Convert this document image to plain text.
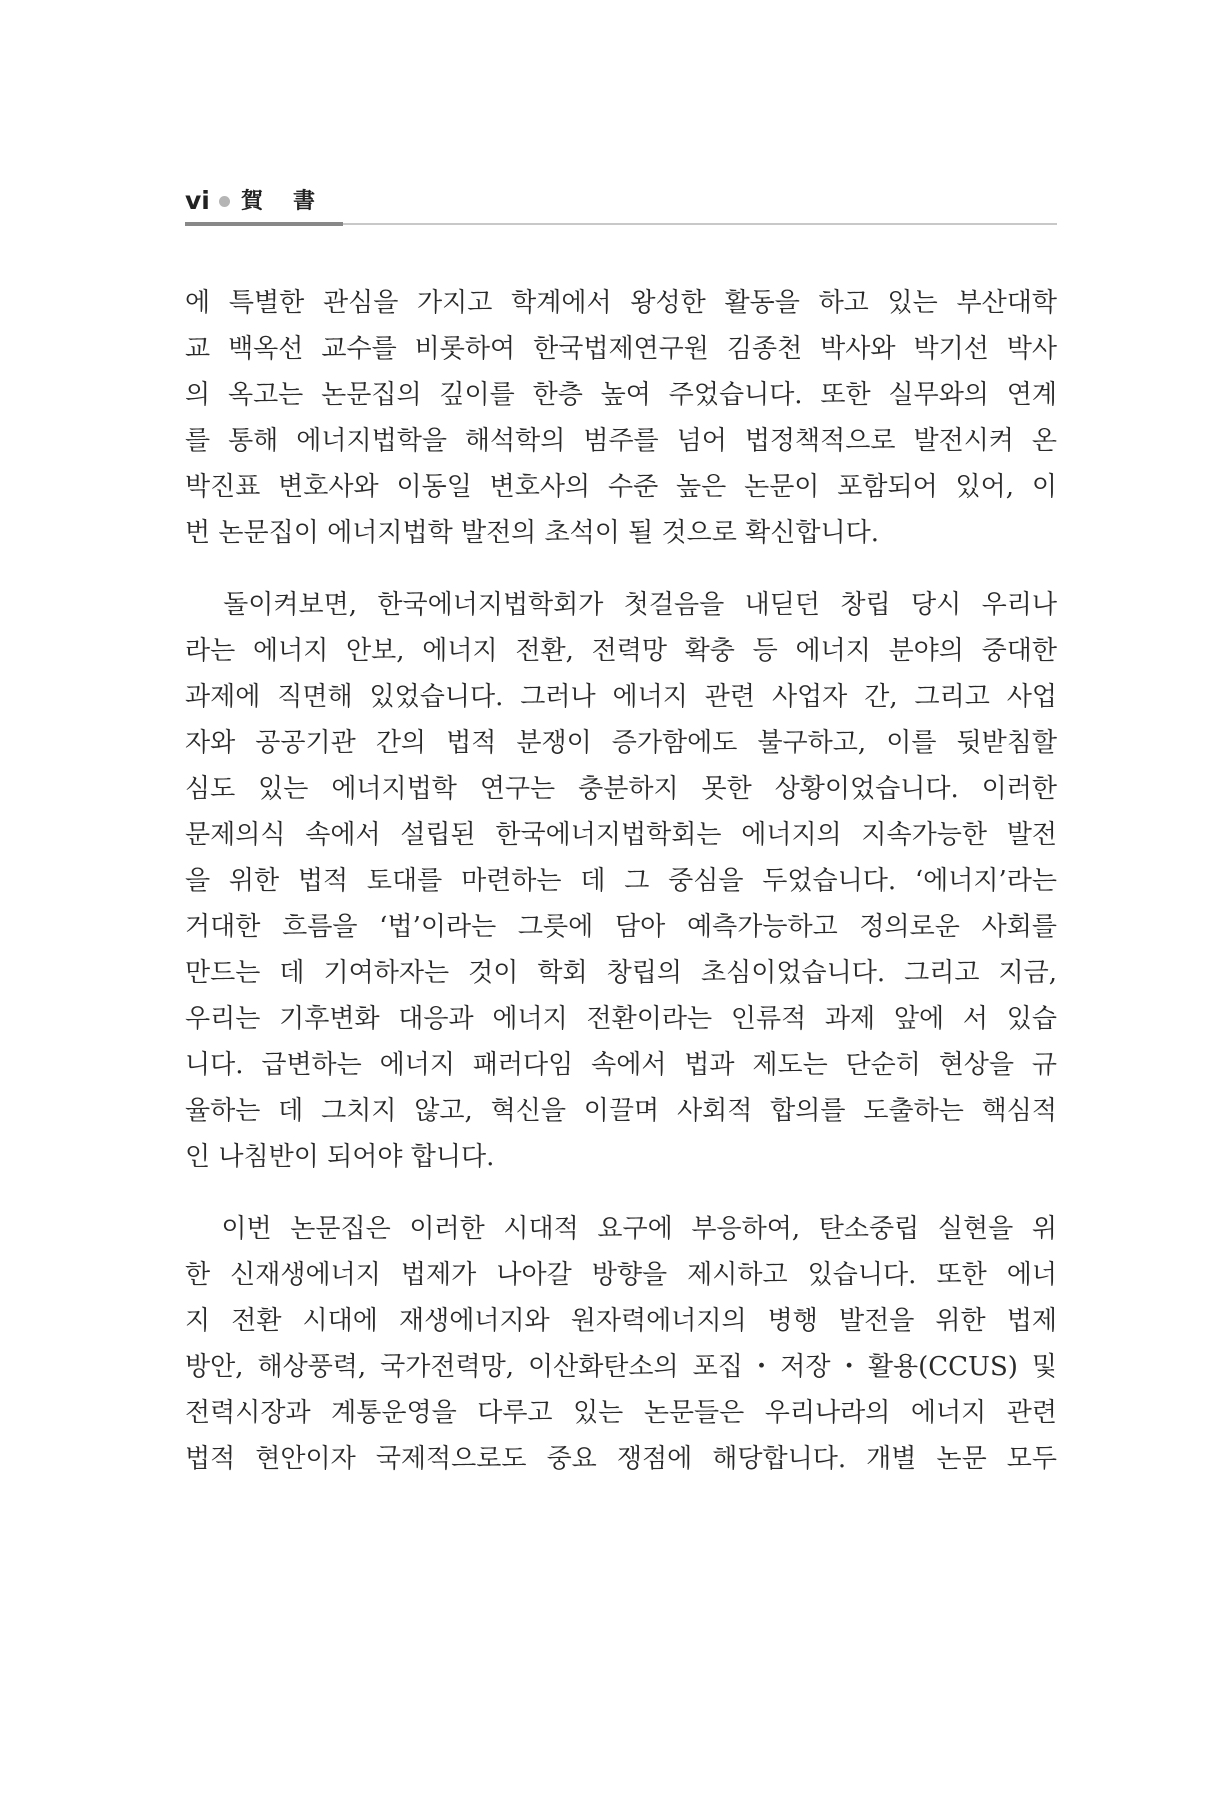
vi 賀書
에 특별한 관심을 가지고 학계에서 왕성한 활동을 하고 있는 부산대학
교 백옥선 교수를 비롯하여 한국법제연구원 김종천 박사와 박기선 박사
의 옥고는 논문집의 깊이를 한층 높여 주었습니다. 또한 실무와의 연계
를 통해 에너지법학을 해석학의 범주를 넘어 법정책적으로 발전시켜 온
박진표 변호사와 이동일 변호사의 수준 높은 논문이 포함되어 있어, 이
번 논문집이 에너지법학 발전의 초석이 될 것으로 확신합니다.
　돌이켜보면, 한국에너지법학회가 첫걸음을 내딛던 창립 당시 우리나
라는 에너지 안보, 에너지 전환, 전력망 확충 등 에너지 분야의 중대한
과제에 직면해 있었습니다. 그러나 에너지 관련 사업자 간, 그리고 사업
자와 공공기관 간의 법적 분쟁이 증가함에도 불구하고, 이를 뒷받침할
심도 있는 에너지법학 연구는 충분하지 못한 상황이었습니다. 이러한
문제의식 속에서 설립된 한국에너지법학회는 에너지의 지속가능한 발전
을 위한 법적 토대를 마련하는 데 그 중심을 두었습니다. ‘에너지’라는
거대한 흐름을 ‘법’이라는 그릇에 담아 예측가능하고 정의로운 사회를
만드는 데 기여하자는 것이 학회 창립의 초심이었습니다. 그리고 지금,
우리는 기후변화 대응과 에너지 전환이라는 인류적 과제 앞에 서 있습
니다. 급변하는 에너지 패러다임 속에서 법과 제도는 단순히 현상을 규
율하는 데 그치지 않고, 혁신을 이끌며 사회적 합의를 도출하는 핵심적
인 나침반이 되어야 합니다.
　이번 논문집은 이러한 시대적 요구에 부응하여, 탄소중립 실현을 위
한 신재생에너지 법제가 나아갈 방향을 제시하고 있습니다. 또한 에너
지 전환 시대에 재생에너지와 원자력에너지의 병행 발전을 위한 법제
방안, 해상풍력, 국가전력망, 이산화탄소의 포집・저장・활용(CCUS) 및
전력시장과 계통운영을 다루고 있는 논문들은 우리나라의 에너지 관련
법적 현안이자 국제적으로도 중요 쟁점에 해당합니다. 개별 논문 모두
